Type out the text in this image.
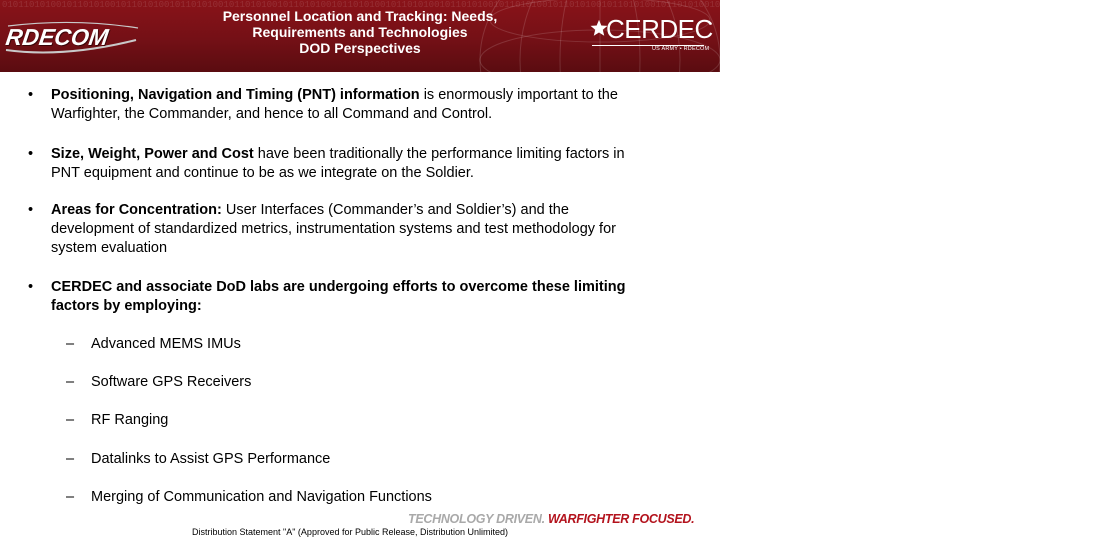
0101101010010110101001011010100101101010010110101001011010100101101010010110101001011010100101101010010110101001011010100101101010010110101001011010100101101010010110101001011010100101101010010110101001
RDECOM
Personnel Location and Tracking: Needs,
Requirements and Technologies
DOD Perspectives
CERDEC
US ARMY • RDECOM
•	Positioning, Navigation and Timing (PNT) information is enormously important to the
Warfighter, the Commander, and hence to all Command and Control.
•	Size, Weight, Power and Cost have been traditionally the performance limiting factors in
PNT equipment and continue to be as we integrate on the Soldier.
•	Areas for Concentration: User Interfaces (Commander’s and Soldier’s) and the
development of standardized metrics, instrumentation systems and test methodology for
system evaluation
•	CERDEC and associate DoD labs are undergoing efforts to overcome these limiting
factors by employing:
–	Advanced MEMS IMUs
–	Software GPS Receivers
–	RF Ranging
–	Datalinks to Assist GPS Performance
–	Merging of Communication and Navigation Functions
TECHNOLOGY DRIVEN. WARFIGHTER FOCUSED.
Distribution Statement "A" (Approved for Public Release, Distribution Unlimited)
